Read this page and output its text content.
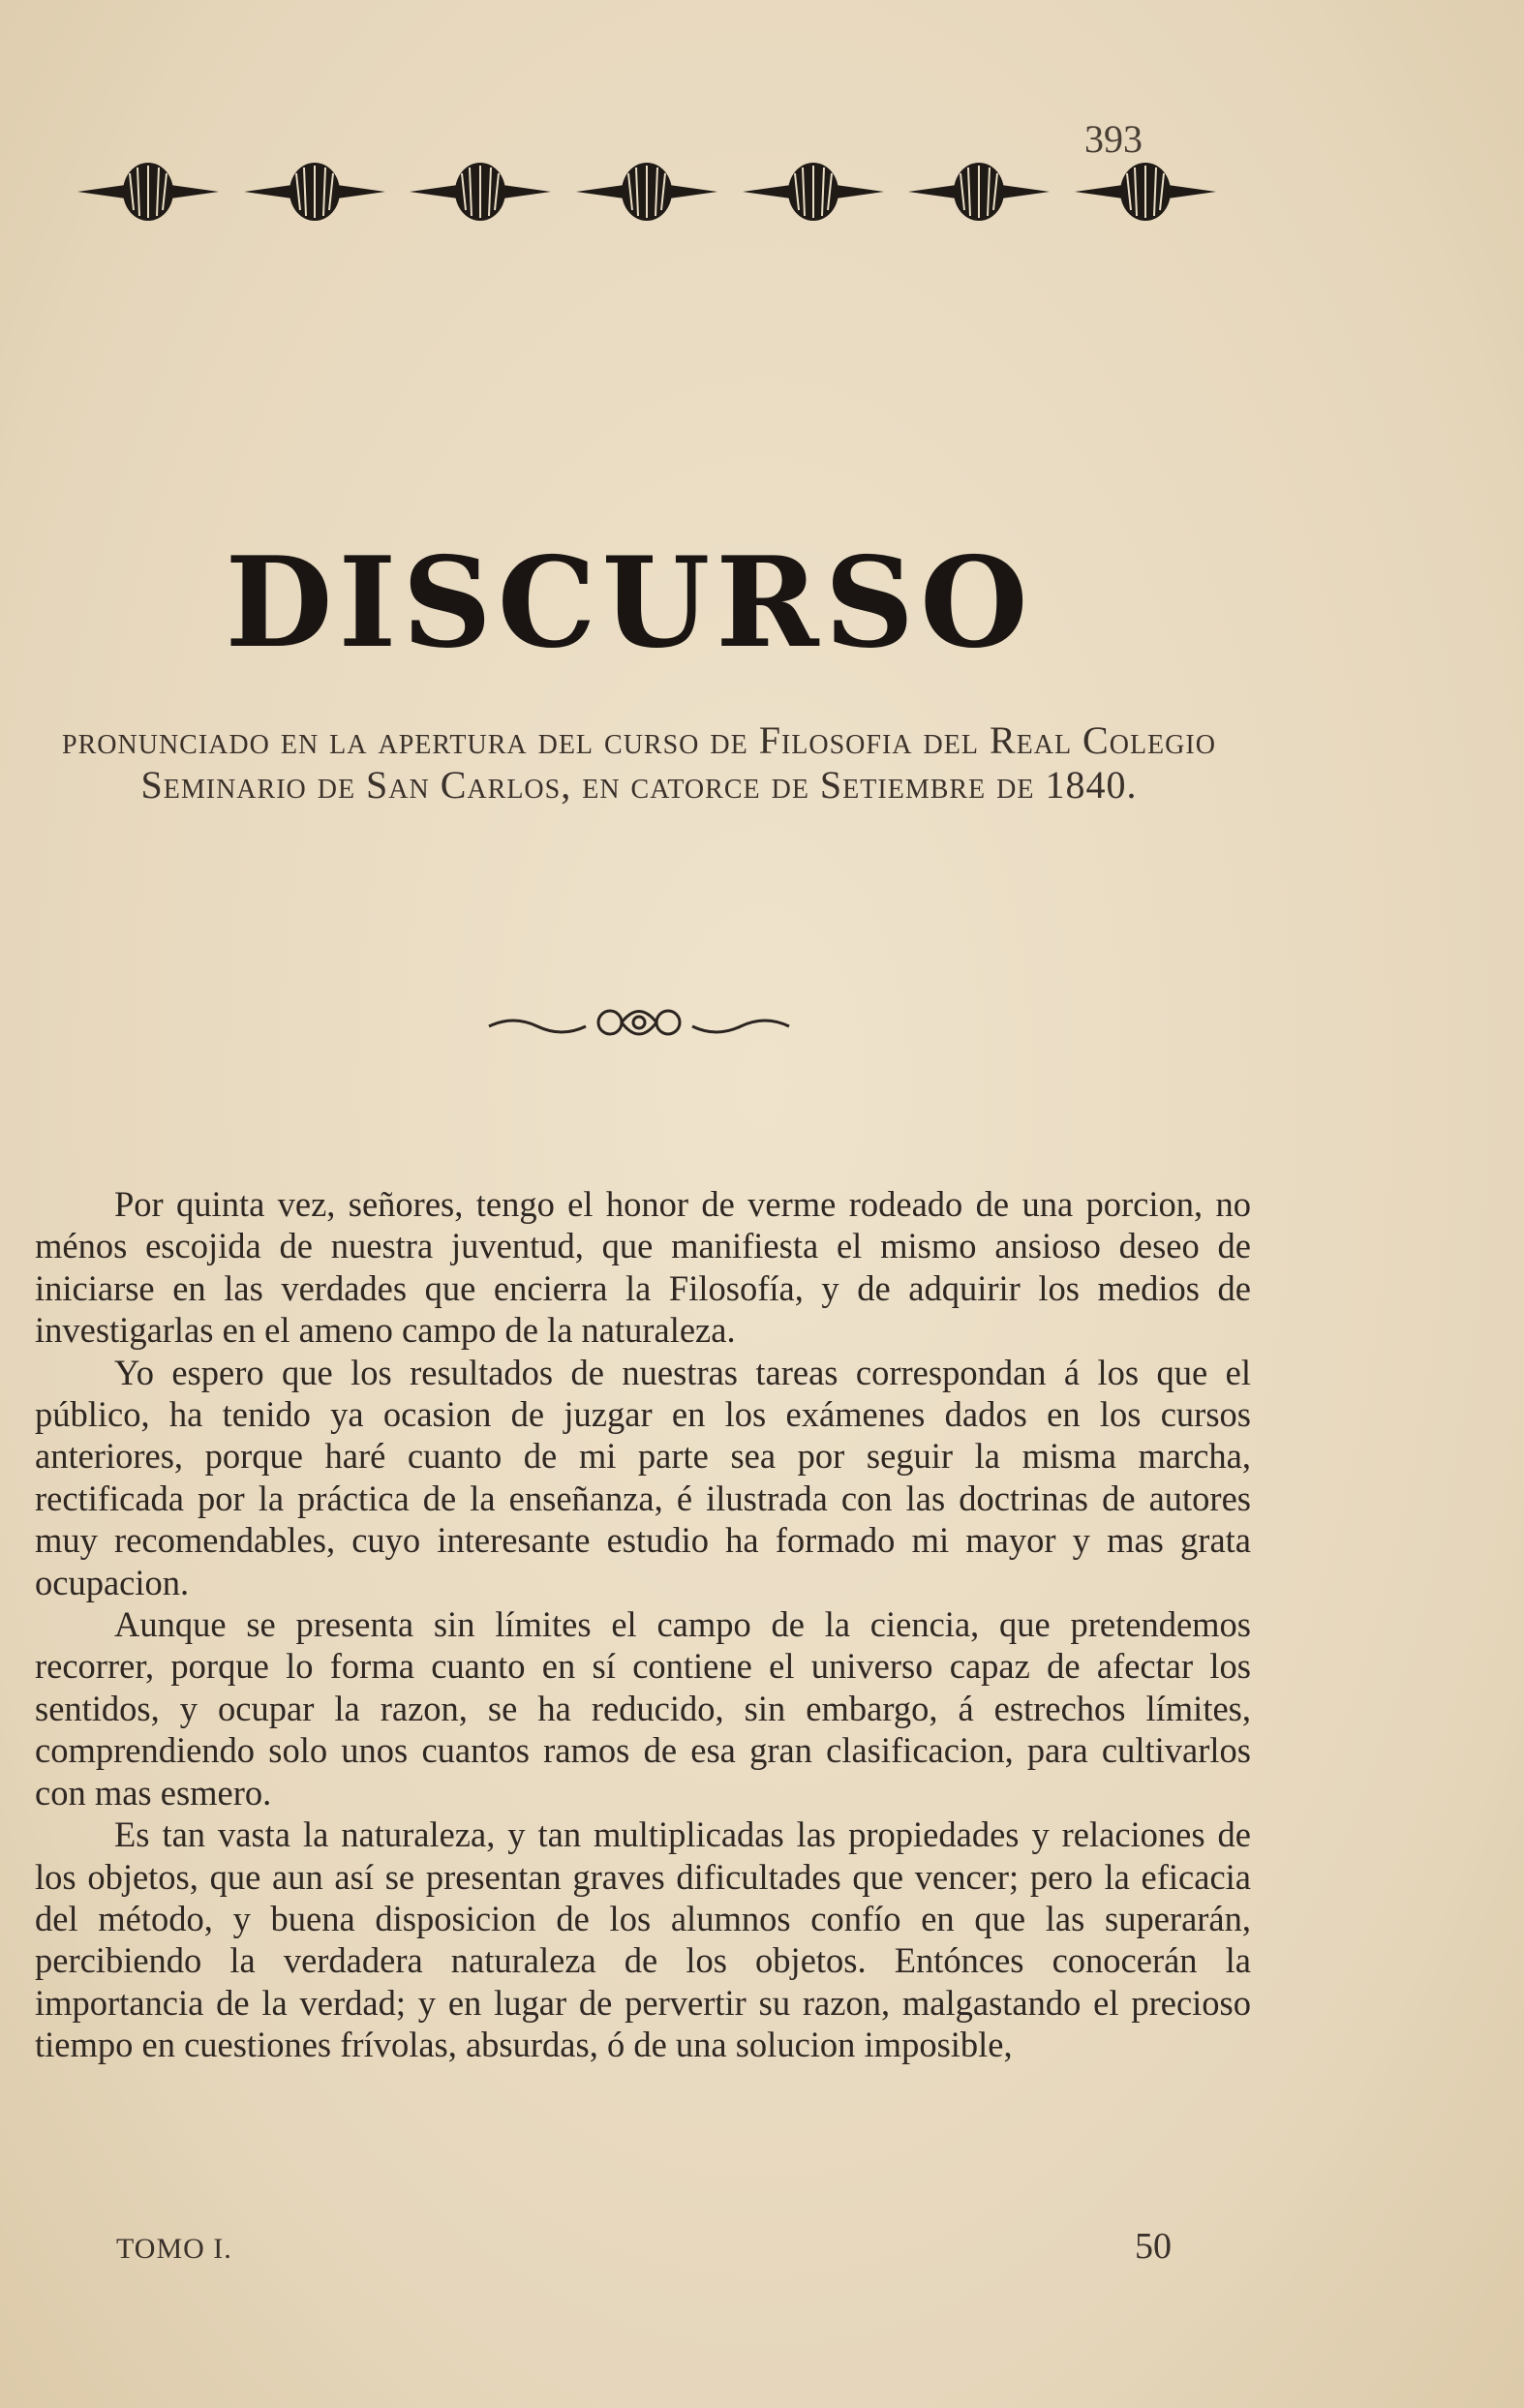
393
DISCURSO
pronunciado en la apertura del curso de Filosofia del Real Colegio Seminario de San Carlos, en catorce de Setiembre de 1840.

Por quinta vez, señores, tengo el honor de verme rodeado de una porcion, no ménos escojida de nuestra juventud, que manifiesta el mismo ansioso deseo de iniciarse en las verdades que encierra la Filosofía, y de adquirir los medios de investigarlas en el ameno campo de la naturaleza.

Yo espero que los resultados de nuestras tareas correspondan á los que el público, ha tenido ya ocasion de juzgar en los exámenes dados en los cursos anteriores, porque haré cuanto de mi parte sea por seguir la misma marcha, rectificada por la práctica de la enseñanza, é ilustrada con las doctrinas de autores muy recomendables, cuyo interesante estudio ha formado mi mayor y mas grata ocupacion.

Aunque se presenta sin límites el campo de la ciencia, que pretendemos recorrer, porque lo forma cuanto en sí contiene el universo capaz de afectar los sentidos, y ocupar la razon, se ha reducido, sin embargo, á estrechos límites, comprendiendo solo unos cuantos ramos de esa gran clasificacion, para cultivarlos con mas esmero.

Es tan vasta la naturaleza, y tan multiplicadas las propiedades y relaciones de los objetos, que aun así se presentan graves dificultades que vencer; pero la eficacia del método, y buena disposicion de los alumnos confío en que las superarán, percibiendo la verdadera naturaleza de los objetos. Entónces conocerán la importancia de la verdad; y en lugar de pervertir su razon, malgastando el precioso tiempo en cuestiones frívolas, absurdas, ó de una solucion imposible,

TOMO I.	50
